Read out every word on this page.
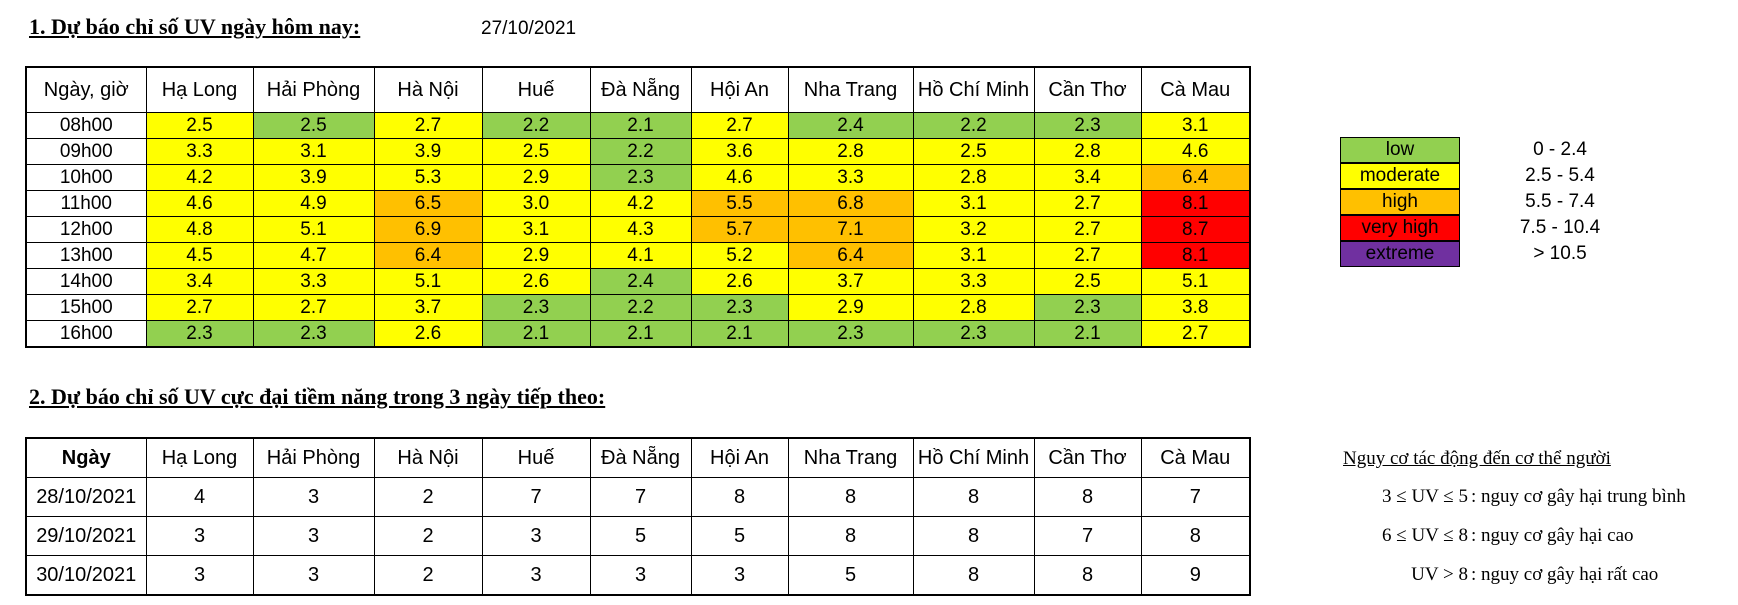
1. Dự báo chỉ số UV ngày hôm nay:	27/10/2021
Ngày, giờ	Hạ Long	Hải Phòng	Hà Nội	Huế	Đà Nẵng	Hội An	Nha Trang	Hồ Chí Minh	Cần Thơ	Cà Mau
08h00	2.5	2.5	2.7	2.2	2.1	2.7	2.4	2.2	2.3	3.1
09h00	3.3	3.1	3.9	2.5	2.2	3.6	2.8	2.5	2.8	4.6
10h00	4.2	3.9	5.3	2.9	2.3	4.6	3.3	2.8	3.4	6.4
11h00	4.6	4.9	6.5	3.0	4.2	5.5	6.8	3.1	2.7	8.1
12h00	4.8	5.1	6.9	3.1	4.3	5.7	7.1	3.2	2.7	8.7
13h00	4.5	4.7	6.4	2.9	4.1	5.2	6.4	3.1	2.7	8.1
14h00	3.4	3.3	5.1	2.6	2.4	2.6	3.7	3.3	2.5	5.1
15h00	2.7	2.7	3.7	2.3	2.2	2.3	2.9	2.8	2.3	3.8
16h00	2.3	2.3	2.6	2.1	2.1	2.1	2.3	2.3	2.1	2.7
low	0 - 2.4
moderate	2.5 - 5.4
high	5.5 - 7.4
very high	7.5 - 10.4
extreme	> 10.5
2. Dự báo chỉ số UV cực đại tiềm năng trong 3 ngày tiếp theo:
Ngày	Hạ Long	Hải Phòng	Hà Nội	Huế	Đà Nẵng	Hội An	Nha Trang	Hồ Chí Minh	Cần Thơ	Cà Mau
28/10/2021	4	3	2	7	7	8	8	8	8	7
29/10/2021	3	3	2	3	5	5	8	8	7	8
30/10/2021	3	3	2	3	3	3	5	8	8	9
Nguy cơ tác động đến cơ thể người
3 ≤ UV ≤ 5 : nguy cơ gây hại trung bình
6 ≤ UV ≤ 8 : nguy cơ gây hại cao
UV > 8 : nguy cơ gây hại rất cao
